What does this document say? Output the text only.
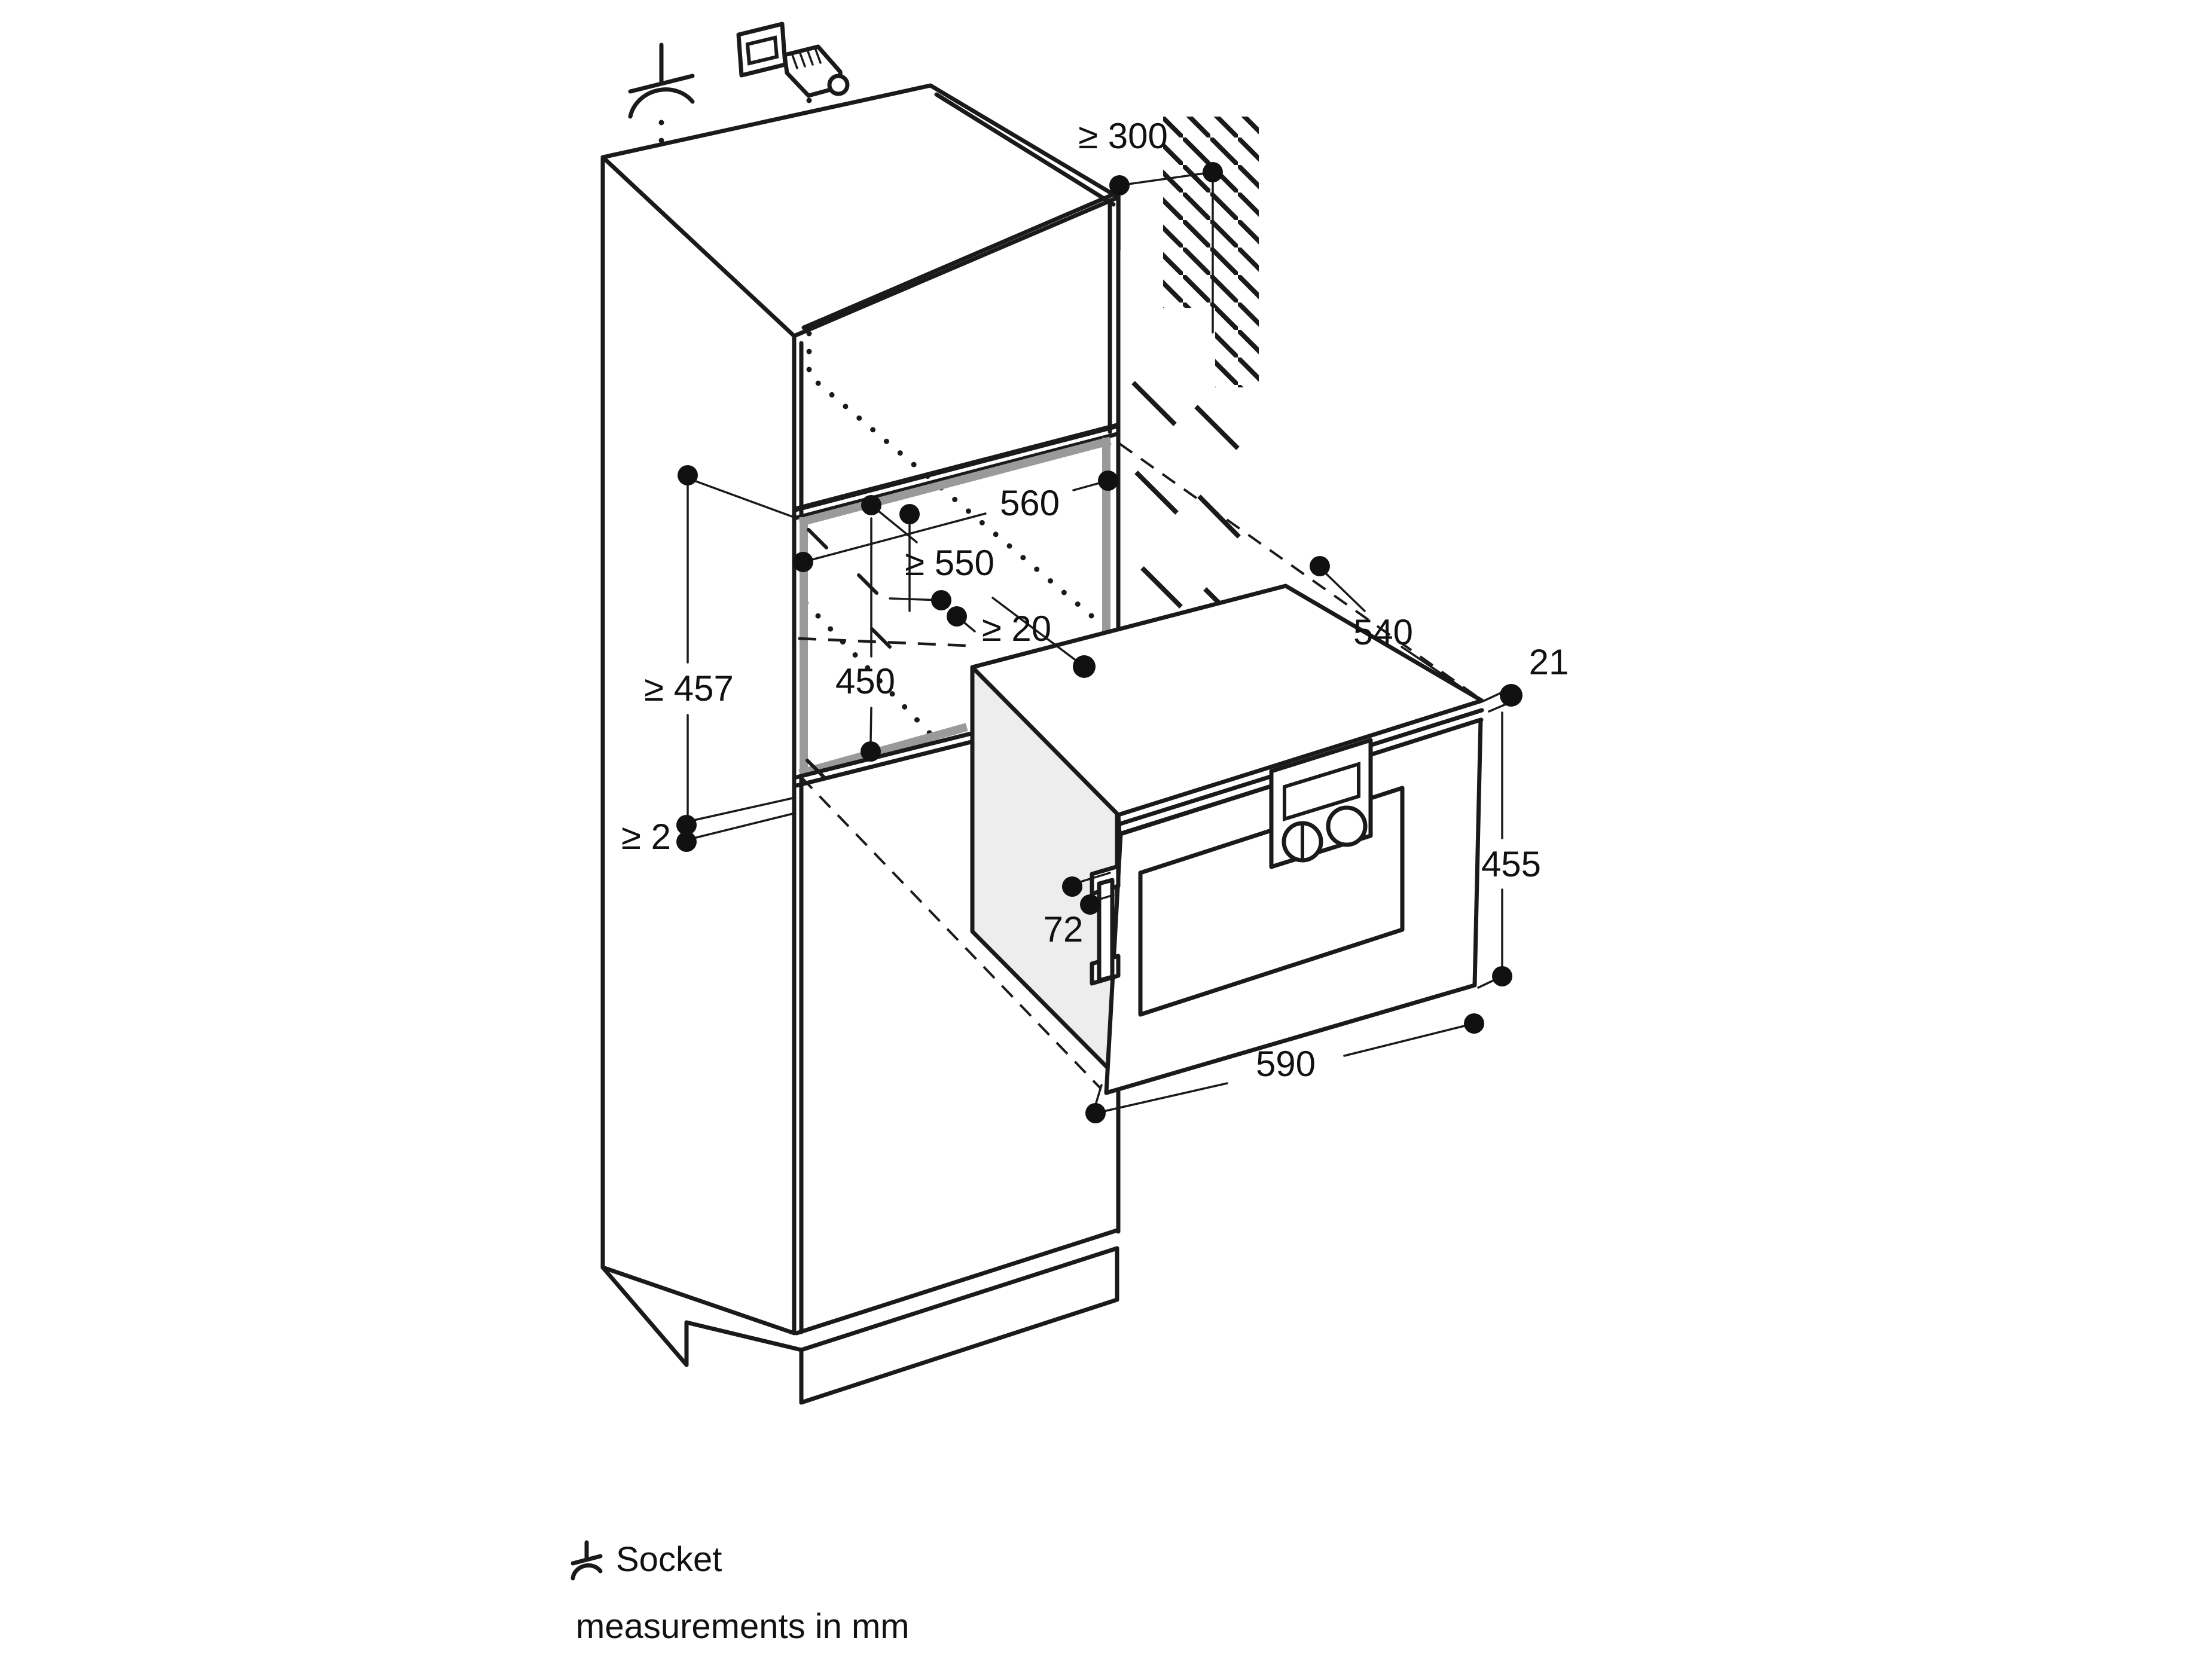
≥ 300
560
≥ 550
≥ 20
450
≥ 457
≥ 2
540
21
455
72
590
Socket
measurements in mm
